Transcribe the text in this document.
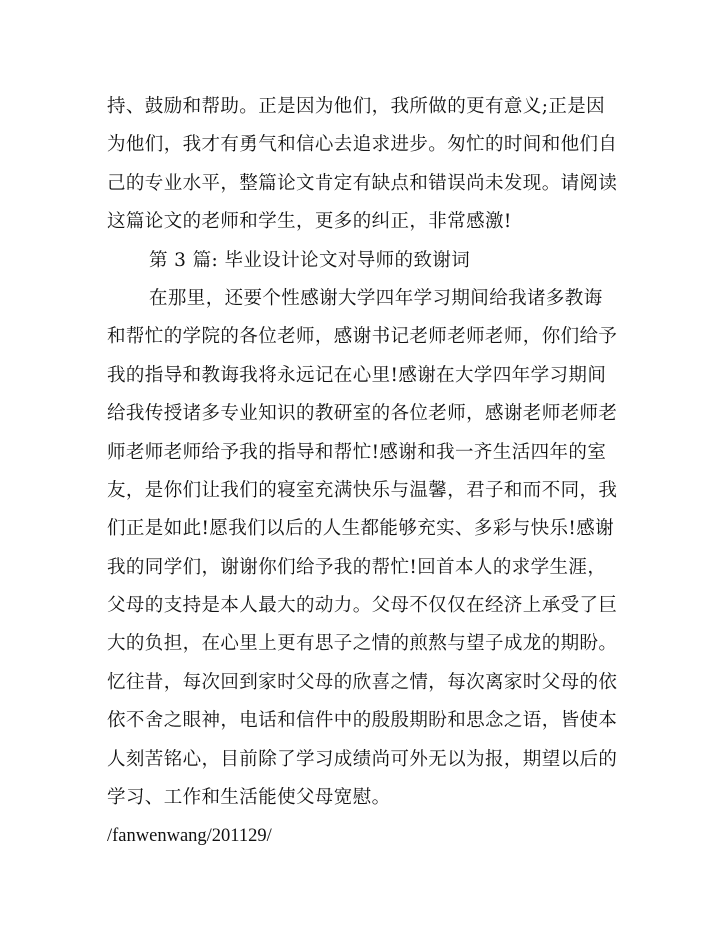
持、鼓励和帮助。正是因为他们，我所做的更有意义;正是因
为他们，我才有勇气和信心去追求进步。匆忙的时间和他们自
己的专业水平，整篇论文肯定有缺点和错误尚未发现。请阅读
这篇论文的老师和学生，更多的纠正，非常感激!
第 3 篇: 毕业设计论文对导师的致谢词
在那里，还要个性感谢大学四年学习期间给我诸多教诲
和帮忙的学院的各位老师，感谢书记老师老师老师，你们给予
我的指导和教诲我将永远记在心里!感谢在大学四年学习期间
给我传授诸多专业知识的教研室的各位老师，感谢老师老师老
师老师老师给予我的指导和帮忙!感谢和我一齐生活四年的室
友，是你们让我们的寝室充满快乐与温馨，君子和而不同，我
们正是如此!愿我们以后的人生都能够充实、多彩与快乐!感谢
我的同学们，谢谢你们给予我的帮忙!回首本人的求学生涯，
父母的支持是本人最大的动力。父母不仅仅在经济上承受了巨
大的负担，在心里上更有思子之情的煎熬与望子成龙的期盼。
忆往昔，每次回到家时父母的欣喜之情，每次离家时父母的依
依不舍之眼神，电话和信件中的殷殷期盼和思念之语，皆使本
人刻苦铭心，目前除了学习成绩尚可外无以为报，期望以后的
学习、工作和生活能使父母宽慰。
/fanwenwang/201129/
